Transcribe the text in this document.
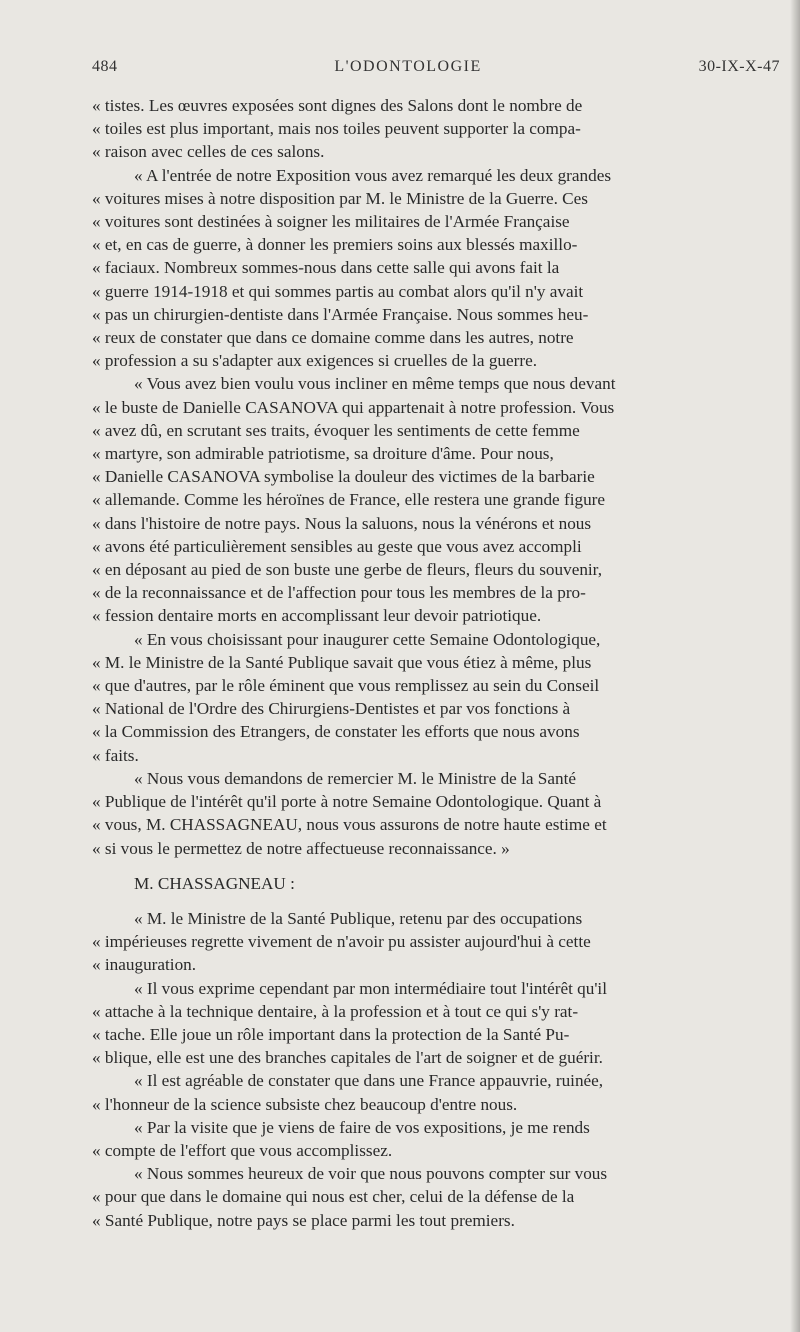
484	L'ODONTOLOGIE	30-IX-X-47
« tistes. Les œuvres exposées sont dignes des Salons dont le nombre de
« toiles est plus important, mais nos toiles peuvent supporter la compa-
« raison avec celles de ces salons.
« A l'entrée de notre Exposition vous avez remarqué les deux grandes
« voitures mises à notre disposition par M. le Ministre de la Guerre. Ces
« voitures sont destinées à soigner les militaires de l'Armée Française
« et, en cas de guerre, à donner les premiers soins aux blessés maxillo-
« faciaux. Nombreux sommes-nous dans cette salle qui avons fait la
« guerre 1914-1918 et qui sommes partis au combat alors qu'il n'y avait
« pas un chirurgien-dentiste dans l'Armée Française. Nous sommes heu-
« reux de constater que dans ce domaine comme dans les autres, notre
« profession a su s'adapter aux exigences si cruelles de la guerre.
« Vous avez bien voulu vous incliner en même temps que nous devant
« le buste de Danielle CASANOVA qui appartenait à notre profession. Vous
« avez dû, en scrutant ses traits, évoquer les sentiments de cette femme
« martyre, son admirable patriotisme, sa droiture d'âme. Pour nous,
« Danielle CASANOVA symbolise la douleur des victimes de la barbarie
« allemande. Comme les héroïnes de France, elle restera une grande figure
« dans l'histoire de notre pays. Nous la saluons, nous la vénérons et nous
« avons été particulièrement sensibles au geste que vous avez accompli
« en déposant au pied de son buste une gerbe de fleurs, fleurs du souvenir,
« de la reconnaissance et de l'affection pour tous les membres de la pro-
« fession dentaire morts en accomplissant leur devoir patriotique.
« En vous choisissant pour inaugurer cette Semaine Odontologique,
« M. le Ministre de la Santé Publique savait que vous étiez à même, plus
« que d'autres, par le rôle éminent que vous remplissez au sein du Conseil
« National de l'Ordre des Chirurgiens-Dentistes et par vos fonctions à
« la Commission des Etrangers, de constater les efforts que nous avons
« faits.
« Nous vous demandons de remercier M. le Ministre de la Santé
« Publique de l'intérêt qu'il porte à notre Semaine Odontologique. Quant à
« vous, M. CHASSAGNEAU, nous vous assurons de notre haute estime et
« si vous le permettez de notre affectueuse reconnaissance. »
M. CHASSAGNEAU :
« M. le Ministre de la Santé Publique, retenu par des occupations
« impérieuses regrette vivement de n'avoir pu assister aujourd'hui à cette
« inauguration.
« Il vous exprime cependant par mon intermédiaire tout l'intérêt qu'il
« attache à la technique dentaire, à la profession et à tout ce qui s'y rat-
« tache. Elle joue un rôle important dans la protection de la Santé Pu-
« blique, elle est une des branches capitales de l'art de soigner et de guérir.
« Il est agréable de constater que dans une France appauvrie, ruinée,
« l'honneur de la science subsiste chez beaucoup d'entre nous.
« Par la visite que je viens de faire de vos expositions, je me rends
« compte de l'effort que vous accomplissez.
« Nous sommes heureux de voir que nous pouvons compter sur vous
« pour que dans le domaine qui nous est cher, celui de la défense de la
« Santé Publique, notre pays se place parmi les tout premiers.
